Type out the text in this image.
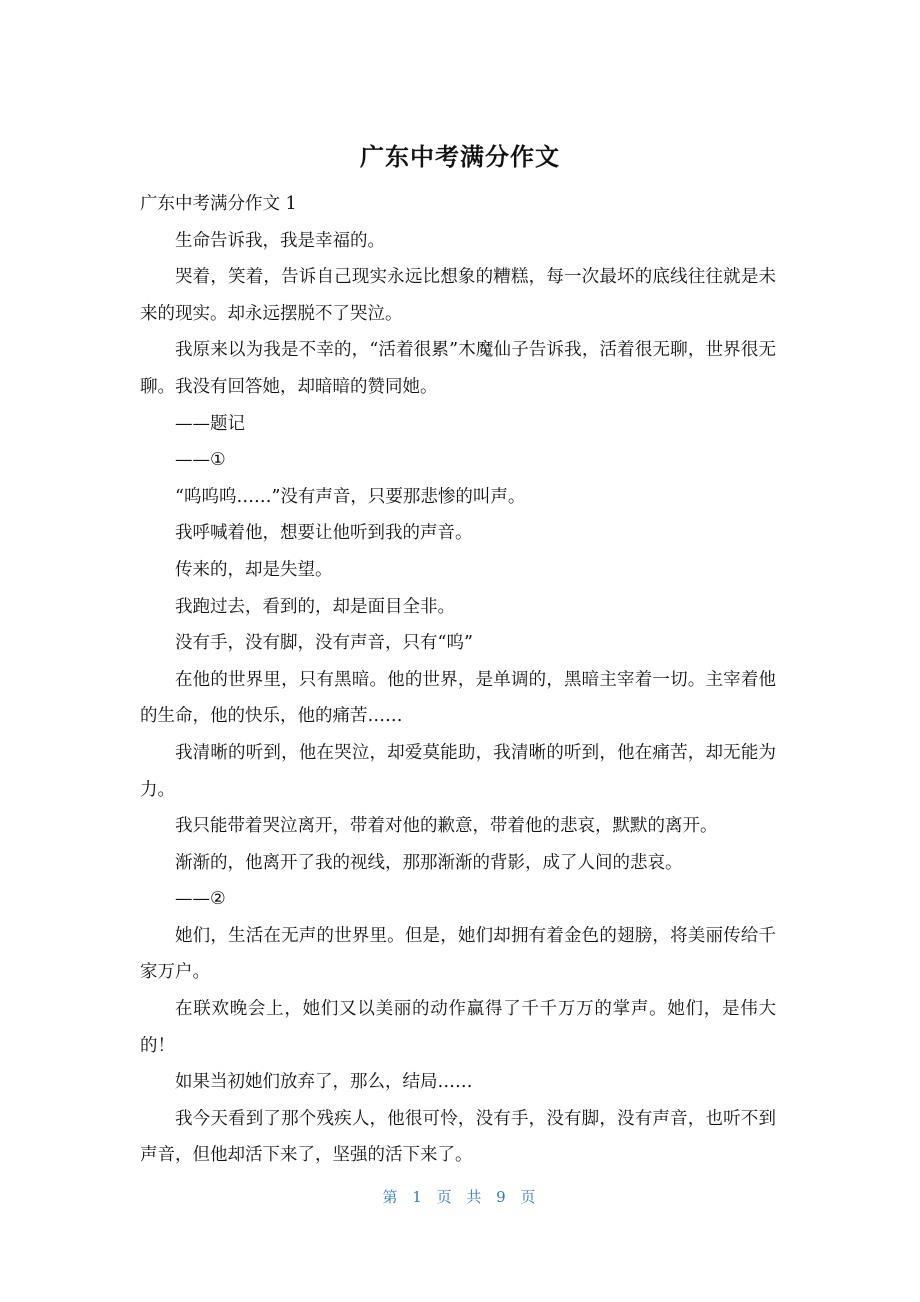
广东中考满分作文

广东中考满分作文 1

生命告诉我，我是幸福的。

哭着，笑着，告诉自己现实永远比想象的糟糕，每一次最坏的底线往往就是未来的现实。却永远摆脱不了哭泣。

我原来以为我是不幸的，“活着很累”木魔仙子告诉我，活着很无聊，世界很无聊。我没有回答她，却暗暗的赞同她。

——题记

——①

“呜呜呜……”没有声音，只要那悲惨的叫声。

我呼喊着他，想要让他听到我的声音。

传来的，却是失望。

我跑过去，看到的，却是面目全非。

没有手，没有脚，没有声音，只有“呜”

在他的世界里，只有黑暗。他的世界，是单调的，黑暗主宰着一切。主宰着他的生命，他的快乐，他的痛苦……

我清晰的听到，他在哭泣，却爱莫能助，我清晰的听到，他在痛苦，却无能为力。

我只能带着哭泣离开，带着对他的歉意，带着他的悲哀，默默的离开。

渐渐的，他离开了我的视线，那那渐渐的背影，成了人间的悲哀。

——②

她们，生活在无声的世界里。但是，她们却拥有着金色的翅膀，将美丽传给千家万户。

在联欢晚会上，她们又以美丽的动作赢得了千千万万的掌声。她们，是伟大的！

如果当初她们放弃了，那么，结局……

我今天看到了那个残疾人，他很可怜，没有手，没有脚，没有声音，也听不到声音，但他却活下来了，坚强的活下来了。

第 1 页 共 9 页
